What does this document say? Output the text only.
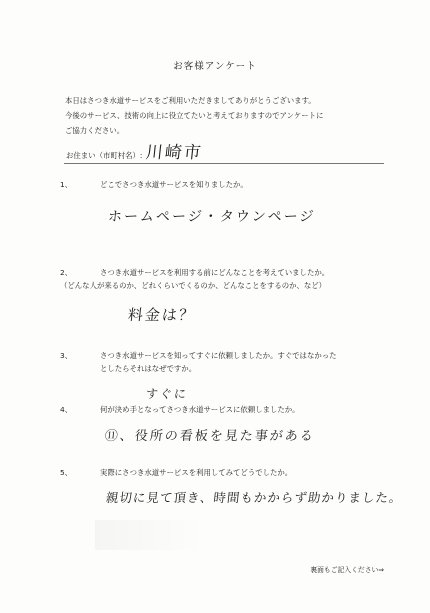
お客様アンケート
本日はさつき水道サービスをご利用いただきましてありがとうございます。
今後のサービス、技術の向上に役立てたいと考えておりますのでアンケートに
ご協力ください。
お住まい（市町村名）: 川崎市
1、	どこでさつき水道サービスを知りましたか。
ホームページ・タウンページ
2、	さつき水道サービスを利用する前にどんなことを考えていましたか。
（どんな人が来るのか、どれくらいでくるのか、どんなことをするのか、など）
料金は？
3、	さつき水道サービスを知ってすぐに依頼しましたか。すぐではなかった
としたらそれはなぜですか。
すぐに
4、	何が決め手となってさつき水道サービスに依頼しましたか。
⑪、役所の看板を見た事がある
5、	実際にさつき水道サービスを利用してみてどうでしたか。
親切に見て頂き、時間もかからず助かりました。
裏面もご記入ください⇒
